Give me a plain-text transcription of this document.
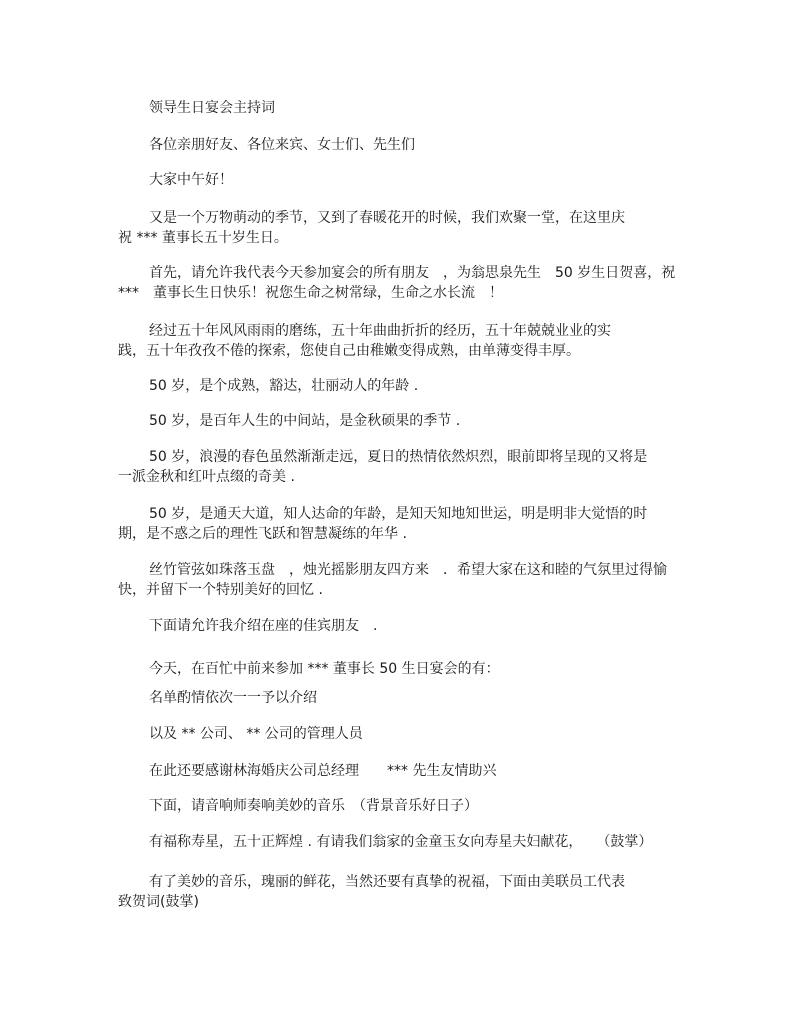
领导生日宴会主持词
各位亲朋好友、各位来宾、女士们、先生们
大家中午好！
又是一个万物萌动的季节，又到了春暖花开的时候，我们欢聚一堂，在这里庆
祝 *** 董事长五十岁生日。
首先，请允许我代表今天参加宴会的所有朋友　，为翁思泉先生　50 岁生日贺喜，祝
***　董事长生日快乐！祝您生命之树常绿，生命之水长流　！
经过五十年风风雨雨的磨练，五十年曲曲折折的经历，五十年兢兢业业的实
践，五十年孜孜不倦的探索，您使自己由稚嫩变得成熟，由单薄变得丰厚。
50 岁，是个成熟，豁达，壮丽动人的年龄 .
50 岁，是百年人生的中间站，是金秋硕果的季节 .
50 岁，浪漫的春色虽然渐渐走远，夏日的热情依然炽烈，眼前即将呈现的又将是
一派金秋和红叶点缀的奇美 .
50 岁，是通天大道，知人达命的年龄，是知天知地知世运，明是明非大觉悟的时
期，是不惑之后的理性飞跃和智慧凝练的年华 .
丝竹管弦如珠落玉盘　，烛光摇影朋友四方来　．希望大家在这和睦的气氛里过得愉
快，并留下一个特别美好的回忆 .
下面请允许我介绍在座的佳宾朋友　.
今天，在百忙中前来参加 *** 董事长 50 生日宴会的有：
名单酌情依次一一予以介绍
以及 ** 公司、 ** 公司的管理人员
在此还要感谢林海婚庆公司总经理　　*** 先生友情助兴
下面，请音响师奏响美妙的音乐　（背景音乐好日子）
有福称寿星，五十正辉煌 . 有请我们翁家的金童玉女向寿星夫妇献花，　　（鼓掌）
有了美妙的音乐，瑰丽的鲜花，当然还要有真挚的祝福，下面由美联员工代表
致贺词(鼓掌)
